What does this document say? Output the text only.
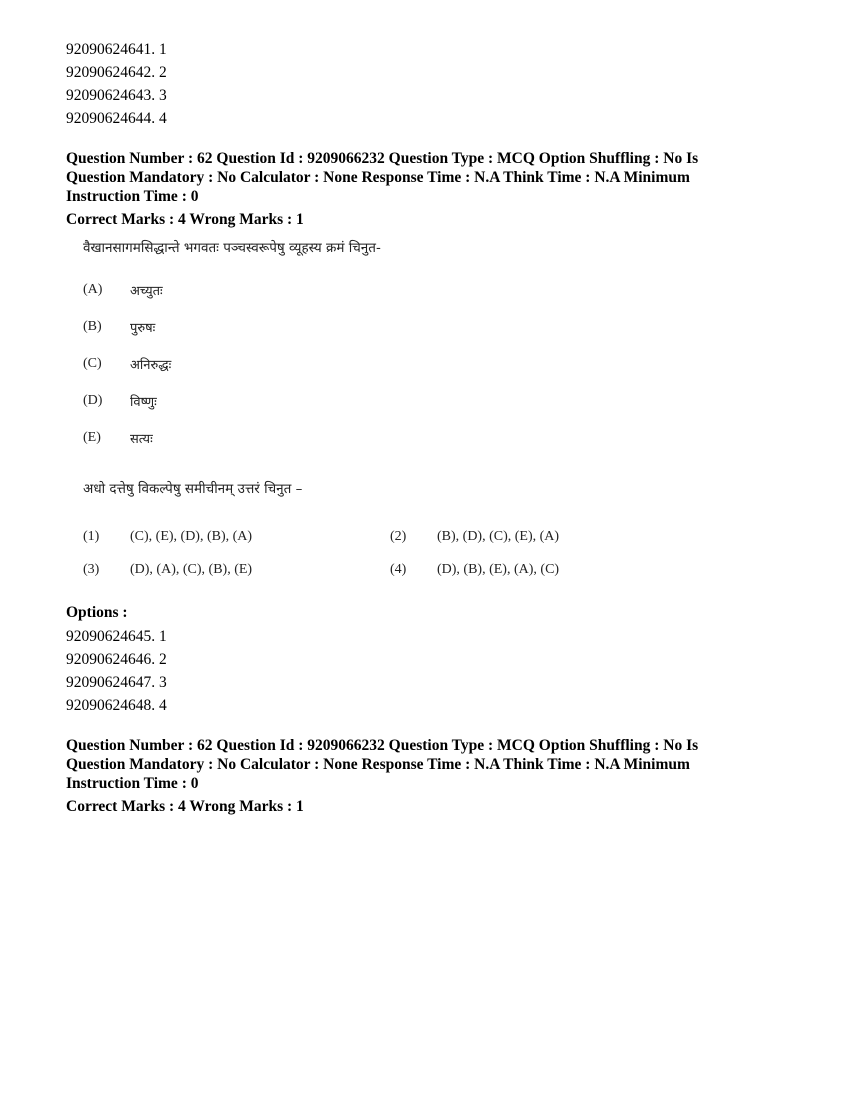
92090624641. 1
92090624642. 2
92090624643. 3
92090624644. 4
Question Number : 62 Question Id : 9209066232 Question Type : MCQ Option Shuffling : No Is
Question Mandatory : No Calculator : None Response Time : N.A Think Time : N.A Minimum
Instruction Time : 0
Correct Marks : 4 Wrong Marks : 1
वैखानसागमसिद्धान्ते भगवतः पञ्चस्वरूपेषु व्यूहस्य क्रमं चिनुत-
(A)	अच्युतः
(B)	पुरुषः
(C)	अनिरुद्धः
(D)	विष्णुः
(E)	सत्यः
अधो दत्तेषु विकल्पेषु समीचीनम् उत्तरं चिनुत –
(1)	(C), (E), (D), (B), (A)	(2)	(B), (D), (C), (E), (A)
(3)	(D), (A), (C), (B), (E)	(4)	(D), (B), (E), (A), (C)
Options :
92090624645. 1
92090624646. 2
92090624647. 3
92090624648. 4
Question Number : 62 Question Id : 9209066232 Question Type : MCQ Option Shuffling : No Is
Question Mandatory : No Calculator : None Response Time : N.A Think Time : N.A Minimum
Instruction Time : 0
Correct Marks : 4 Wrong Marks : 1
